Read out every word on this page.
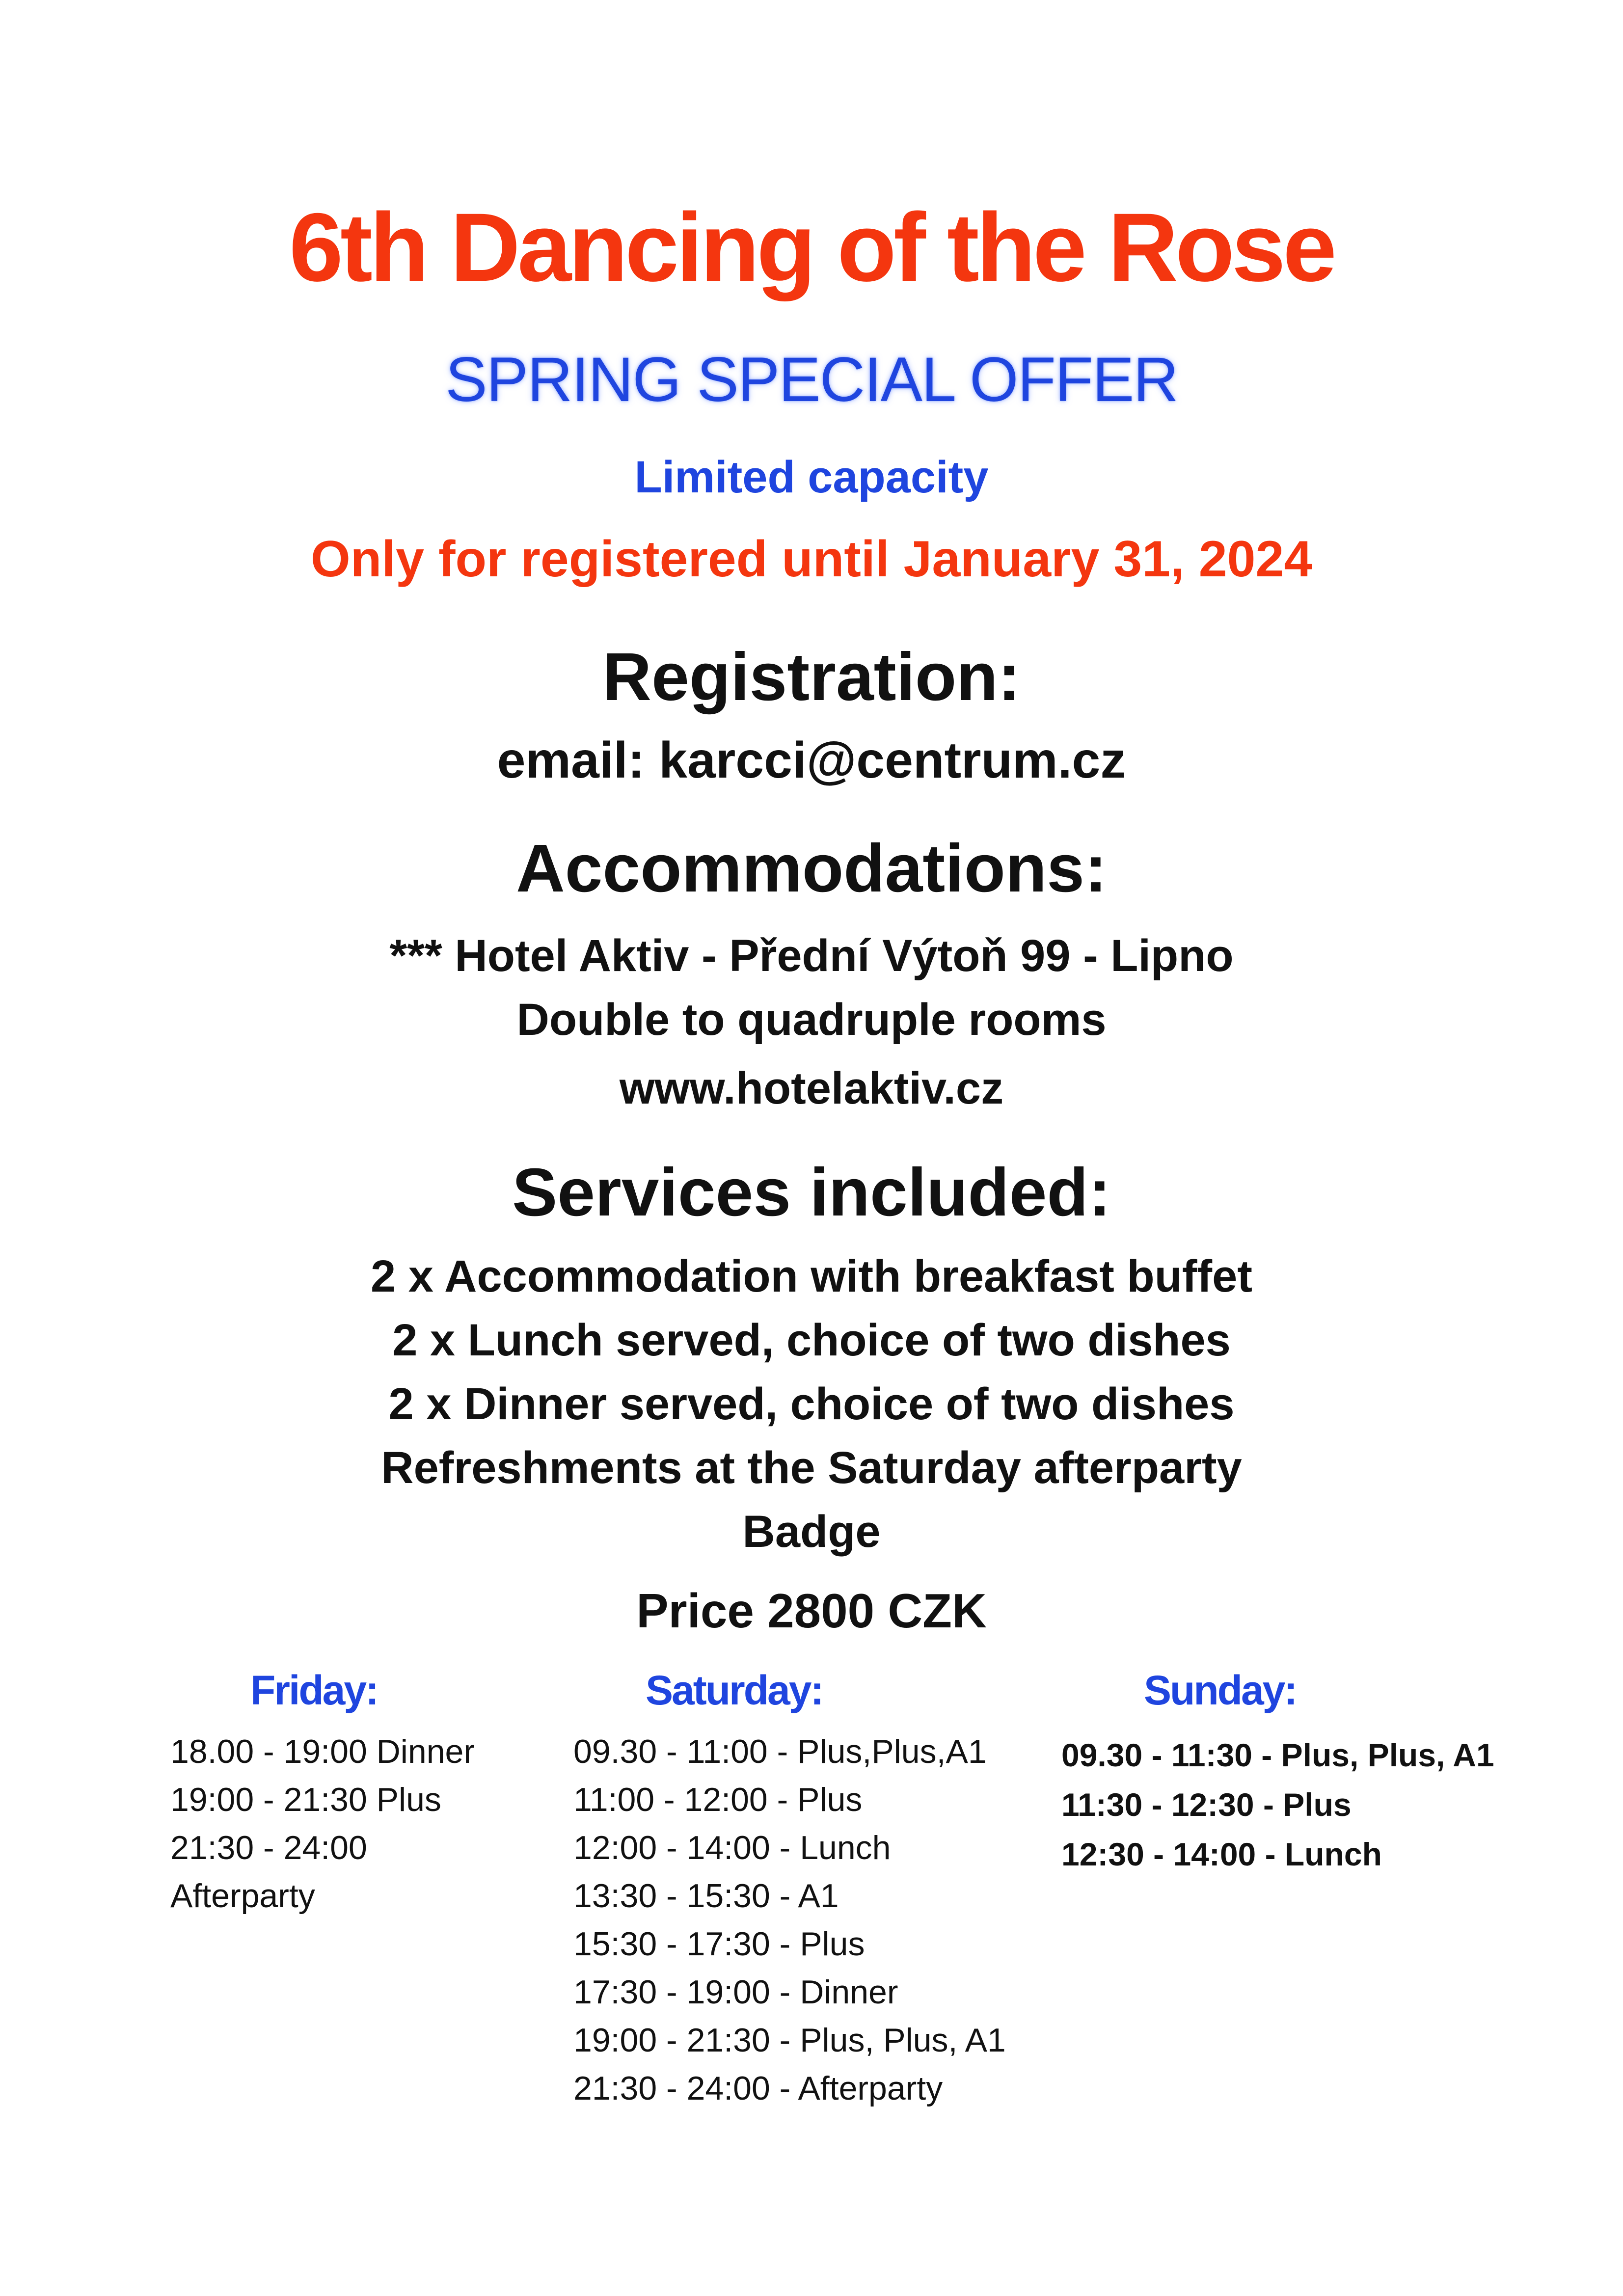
6th Dancing of the Rose
SPRING SPECIAL OFFER
Limited capacity
Only for registered until January 31, 2024
Registration:
email: karcci@centrum.cz
Accommodations:
*** Hotel Aktiv - Přední Výtoň 99 - Lipno
Double to quadruple rooms
www.hotelaktiv.cz
Services included:
2 x Accommodation with breakfast buffet
2 x Lunch served, choice of two dishes
2 x Dinner served, choice of two dishes
Refreshments at the Saturday afterparty
Badge
Price 2800 CZK
Friday:
18.00 - 19:00 Dinner
19:00 - 21:30 Plus
21:30 - 24:00
Afterparty
Saturday:
09.30 - 11:00 - Plus,Plus,A1
11:00 - 12:00 - Plus
12:00 - 14:00 - Lunch
13:30 - 15:30 - A1
15:30 - 17:30 - Plus
17:30 - 19:00 - Dinner
19:00 - 21:30 - Plus, Plus, A1
21:30 - 24:00 - Afterparty
Sunday:
09.30 - 11:30 - Plus, Plus, A1
11:30 - 12:30 - Plus
12:30 - 14:00 - Lunch
